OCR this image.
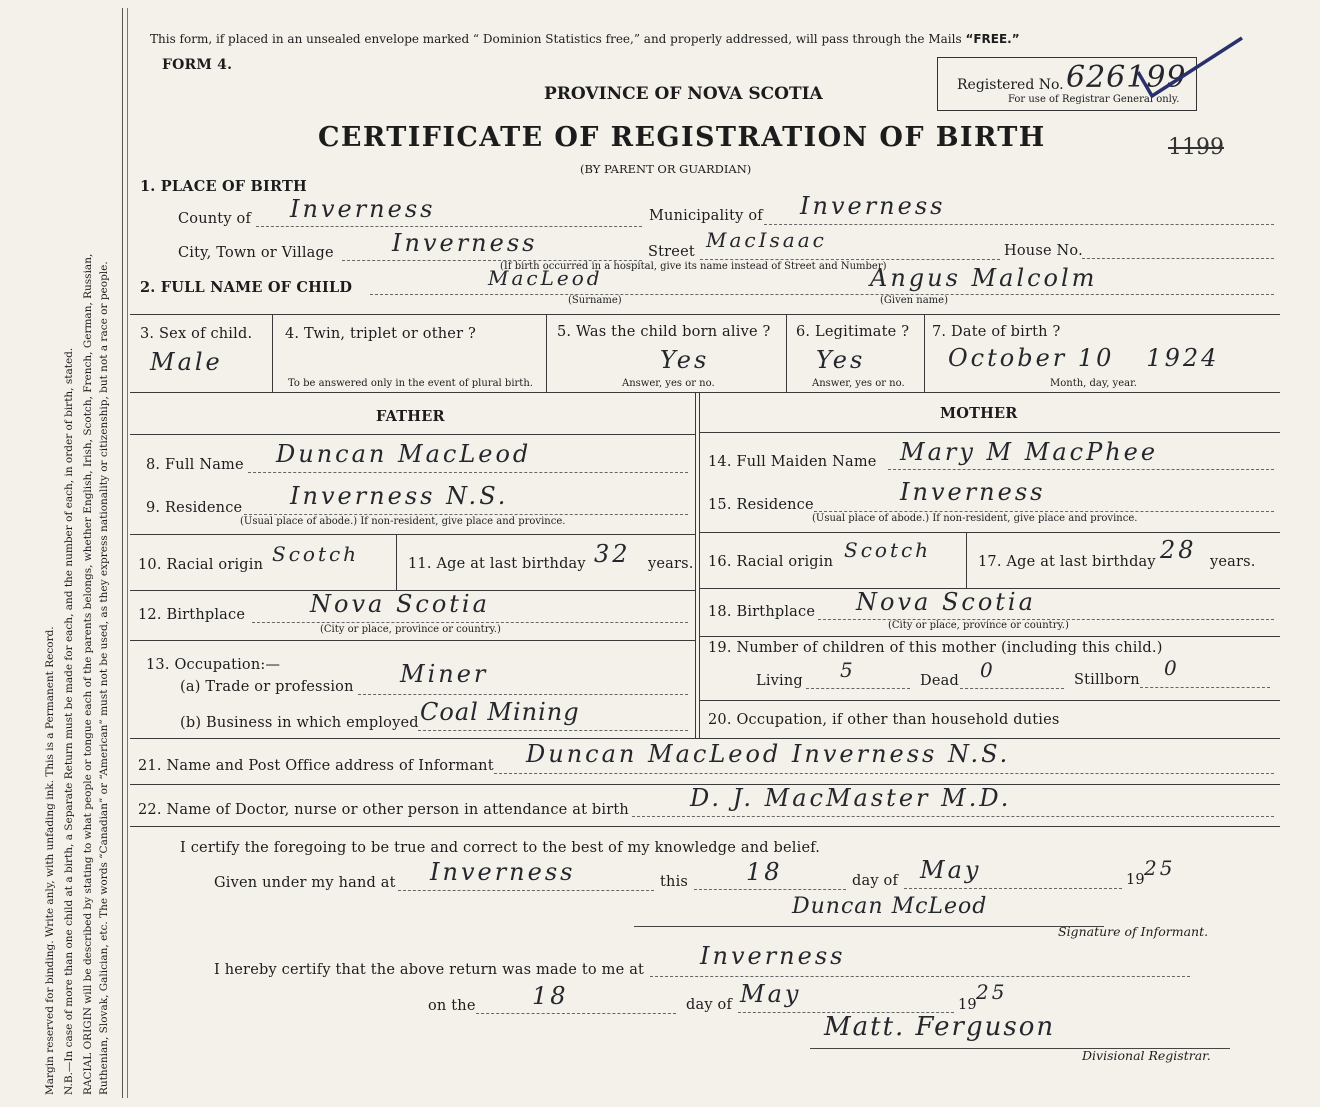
Margin reserved for binding. Write anly, with unfading ink. This is a Permanent Record. N.B.—In case of more than one child at a birth, a Separate Return must be made for each, and the number of each, in order of birth, stated. RACIAL ORIGIN will be described by stating to what people or tongue each of the parents belongs, whether English, Irish, Scotch, French, German, Russian, Ruthenian, Slovak, Galician, etc. The words “Canadian” or “American” must not be used, as they express nationality or citizenship, but not a race or people.
This form, if placed in an unsealed envelope marked “ Dominion Statistics free,” and properly addressed, will pass through the Mails “FREE.”
FORM 4.
PROVINCE OF NOVA SCOTIA
CERTIFICATE OF REGISTRATION OF BIRTH
(BY PARENT OR GUARDIAN)
Registered No. 626199
For use of Registrar General only.
1199
1. PLACE OF BIRTH
County of Inverness	Municipality of Inverness
City, Town or Village Inverness	Street MacIsaac	House No.
(If birth occurred in a hospital, give its name instead of Street and Number)
2. FULL NAME OF CHILD	MacLeod
(Surname)
Angus Malcolm
(Given name)
3. Sex of child.
Male
4. Twin, triplet or other ?
To be answered only in the event of plural birth.
5. Was the child born alive ?
Yes
Answer, yes or no.
6. Legitimate ?
Yes
Answer, yes or no.
7. Date of birth ?
October 10   1924
Month, day, year.
FATHER	MOTHER
8. Full Name Duncan MacLeod
9. Residence Inverness N.S.
(Usual place of abode.) If non-resident, give place and province.
10. Racial origin Scotch	11. Age at last birthday 32 years.
12. Birthplace	Nova Scotia
(City or place, province or country.)
13. Occupation:—
(a) Trade or profession Miner
(b) Business in which employed Coal Mining
14. Full Maiden Name Mary M MacPhee
15. Residence	Inverness
(Usual place of abode.) If non-resident, give place and province.
16. Racial origin Scotch	17. Age at last birthday 28 years.
18. Birthplace Nova Scotia
(City or place, province or country.)
19. Number of children of this mother (including this child.)
Living 5	Dead 0	Stillborn 0
20. Occupation, if other than household duties
21. Name and Post Office address of Informant Duncan MacLeod Inverness N.S.
22. Name of Doctor, nurse or other person in attendance at birth	D. J. MacMaster M.D.
I certify the foregoing to be true and correct to the best of my knowledge and belief.
Given under my hand at Inverness	this 18	day of May	19 25
Duncan McLeod
Signature of Informant.
I hereby certify that the above return was made to me at Inverness
on the 18	day of May	19
25
Matt. Ferguson
Divisional Registrar.
